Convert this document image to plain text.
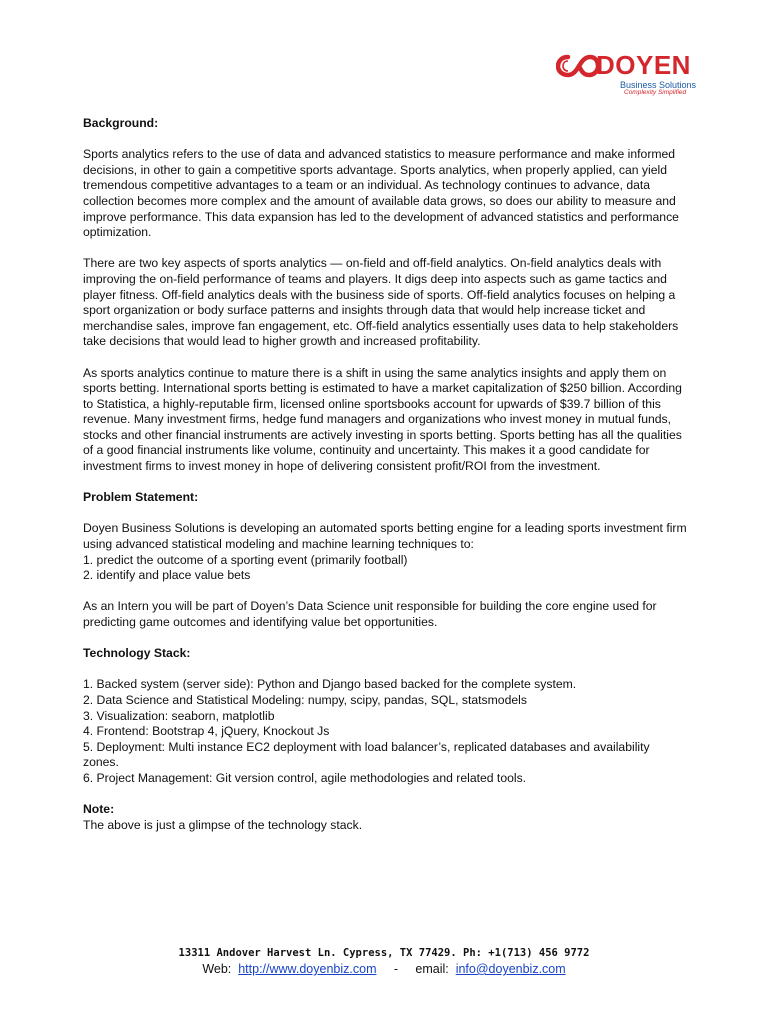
DOYEN
Business Solutions
Complexity Simplified

Background:

Sports analytics refers to the use of data and advanced statistics to measure performance and make informed decisions, in other to gain a competitive sports advantage. Sports analytics, when properly applied, can yield tremendous competitive advantages to a team or an individual. As technology continues to advance, data collection becomes more complex and the amount of available data grows, so does our ability to measure and improve performance. This data expansion has led to the development of advanced statistics and performance optimization.

There are two key aspects of sports analytics — on-field and off-field analytics. On-field analytics deals with improving the on-field performance of teams and players. It digs deep into aspects such as game tactics and player fitness. Off-field analytics deals with the business side of sports. Off-field analytics focuses on helping a sport organization or body surface patterns and insights through data that would help increase ticket and merchandise sales, improve fan engagement, etc. Off-field analytics essentially uses data to help stakeholders take decisions that would lead to higher growth and increased profitability.

As sports analytics continue to mature there is a shift in using the same analytics insights and apply them on sports betting. International sports betting is estimated to have a market capitalization of $250 billion. According to Statistica, a highly-reputable firm, licensed online sportsbooks account for upwards of $39.7 billion of this revenue. Many investment firms, hedge fund managers and organizations who invest money in mutual funds, stocks and other financial instruments are actively investing in sports betting. Sports betting has all the qualities of a good financial instruments like volume, continuity and uncertainty. This makes it a good candidate for investment firms to invest money in hope of delivering consistent profit/ROI from the investment.

Problem Statement:

Doyen Business Solutions is developing an automated sports betting engine for a leading sports investment firm using advanced statistical modeling and machine learning techniques to:

1. predict the outcome of a sporting event (primarily football)

2. identify and place value bets

As an Intern you will be part of Doyen’s Data Science unit responsible for building the core engine used for predicting game outcomes and identifying value bet opportunities.

Technology Stack:

1. Backed system (server side): Python and Django based backed for the complete system.

2. Data Science and Statistical Modeling: numpy, scipy, pandas, SQL, statsmodels

3. Visualization: seaborn, matplotlib

4. Frontend: Bootstrap 4, jQuery, Knockout Js

5. Deployment: Multi instance EC2 deployment with load balancer’s, replicated databases and availability zones.

6. Project Management: Git version control, agile methodologies and related tools.

Note:

The above is just a glimpse of the technology stack.

13311 Andover Harvest Ln. Cypress, TX 77429. Ph: +1(713) 456 9772
Web: http://www.doyenbiz.com - email: info@doyenbiz.com
